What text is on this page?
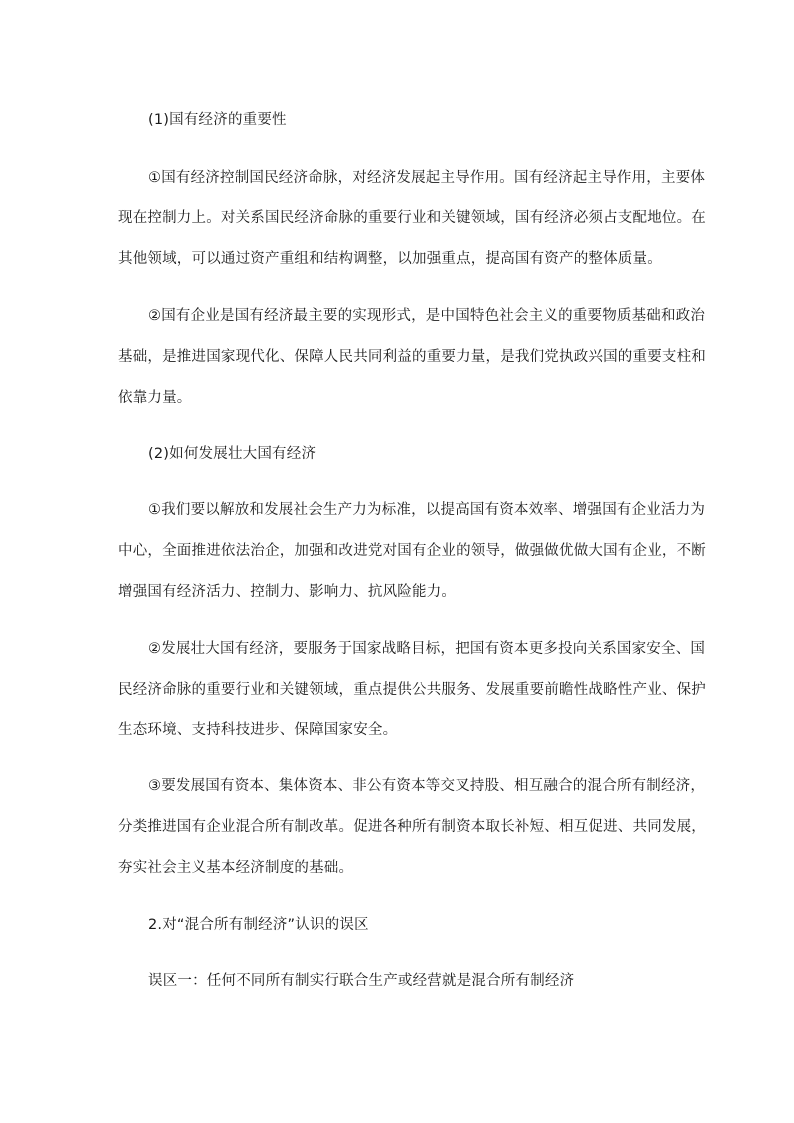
(1)国有经济的重要性
①国有经济控制国民经济命脉，对经济发展起主导作用。国有经济起主导作用，主要体
现在控制力上。对关系国民经济命脉的重要行业和关键领域，国有经济必须占支配地位。在
其他领域，可以通过资产重组和结构调整，以加强重点，提高国有资产的整体质量。
②国有企业是国有经济最主要的实现形式，是中国特色社会主义的重要物质基础和政治
基础，是推进国家现代化、保障人民共同利益的重要力量，是我们党执政兴国的重要支柱和
依靠力量。
(2)如何发展壮大国有经济
①我们要以解放和发展社会生产力为标准，以提高国有资本效率、增强国有企业活力为
中心，全面推进依法治企，加强和改进党对国有企业的领导，做强做优做大国有企业，不断
增强国有经济活力、控制力、影响力、抗风险能力。
②发展壮大国有经济，要服务于国家战略目标，把国有资本更多投向关系国家安全、国
民经济命脉的重要行业和关键领域，重点提供公共服务、发展重要前瞻性战略性产业、保护
生态环境、支持科技进步、保障国家安全。
③要发展国有资本、集体资本、非公有资本等交叉持股、相互融合的混合所有制经济，
分类推进国有企业混合所有制改革。促进各种所有制资本取长补短、相互促进、共同发展，
夯实社会主义基本经济制度的基础。
2.对“混合所有制经济”认识的误区
误区一：任何不同所有制实行联合生产或经营就是混合所有制经济
